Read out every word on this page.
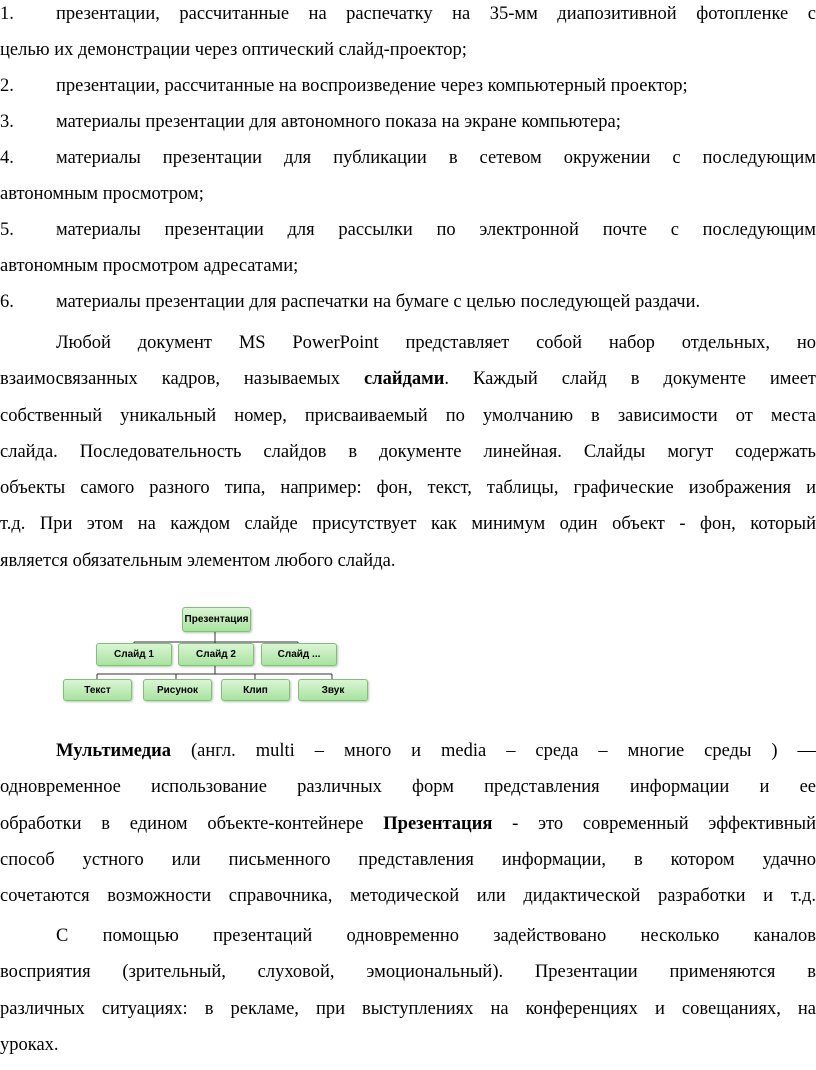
1.	презентации, рассчитанные на распечатку на 35-мм диапозитивной фотопленке с
целью их демонстрации через оптический слайд-проектор;
2.	презентации, рассчитанные на воспроизведение через компьютерный проектор;
3.	материалы презентации для автономного показа на экране компьютера;
4.	материалы презентации для публикации в сетевом окружении с последующим
автономным просмотром;
5.	материалы презентации для рассылки по электронной почте с последующим
автономным просмотром адресатами;
6.	материалы презентации для распечатки на бумаге с целью последующей раздачи.
Любой документ MS PowerPoint представляет собой набор отдельных, но
взаимосвязанных кадров, называемых слайдами. Каждый слайд в документе имеет
собственный уникальный номер, присваиваемый по умолчанию в зависимости от места
слайда. Последовательность слайдов в документе линейная. Слайды могут содержать
объекты самого разного типа, например: фон, текст, таблицы, графические изображения и
т.д. При этом на каждом слайде присутствует как минимум один объект - фон, который
является обязательным элементом любого слайда.
Презентация
Слайд 1	Слайд 2	Слайд ...
Текст	Рисунок	Клип	Звук
Мультимедиа (англ. multi – много и media – среда – многие среды ) —
одновременное использование различных форм представления информации и ее
обработки в едином объекте-контейнере Презентация - это современный эффективный
способ устного или письменного представления информации, в котором удачно
сочетаются возможности справочника, методической или дидактической разработки и т.д.
С помощью презентаций одновременно задействовано несколько каналов
восприятия (зрительный, слуховой, эмоциональный). Презентации применяются в
различных ситуациях: в рекламе, при выступлениях на конференциях и совещаниях, на
уроках.
